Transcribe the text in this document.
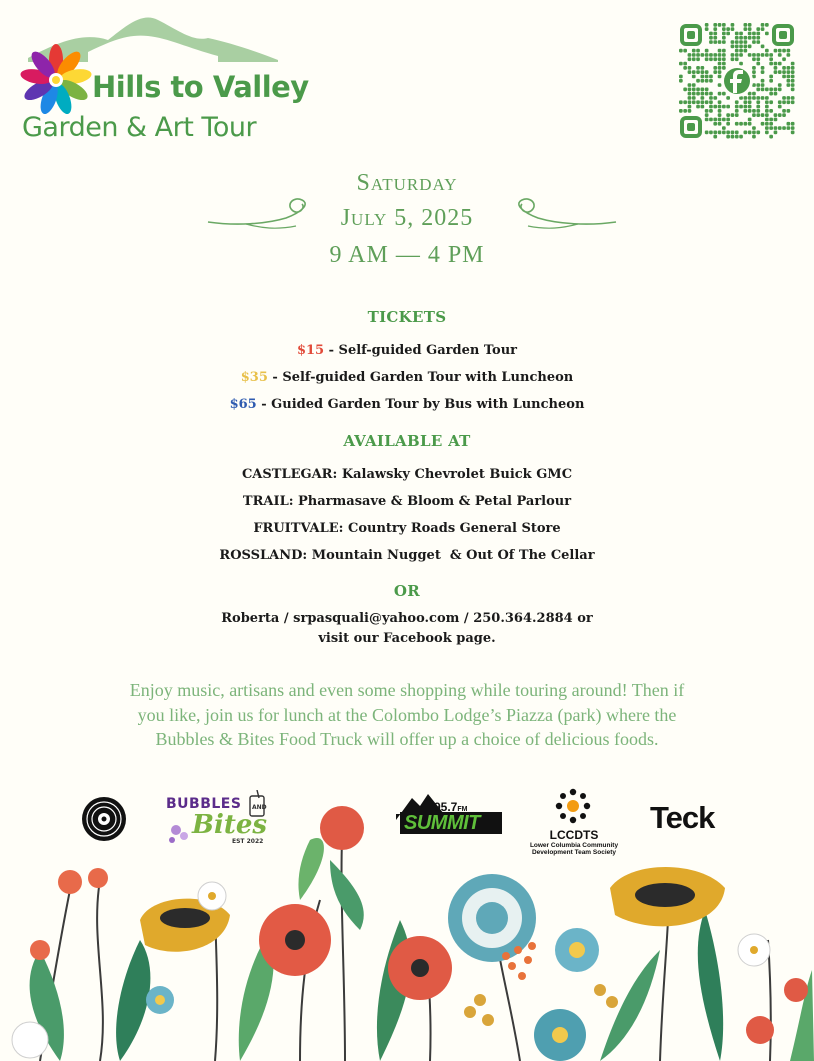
Hills to Valley
Garden & Art Tour
Saturday
July 5, 2025
9 AM — 4 PM
TICKETS
$15 - Self-guided Garden Tour
$35 - Self-guided Garden Tour with Luncheon
$65 - Guided Garden Tour by Bus with Luncheon
AVAILABLE AT
CASTLEGAR: Kalawsky Chevrolet Buick GMC
TRAIL: Pharmasave & Bloom & Petal Parlour
FRUITVALE: Country Roads General Store
ROSSLAND: Mountain Nugget  & Out Of The Cellar
OR
Roberta / srpasquali@yahoo.com / 250.364.2884 or
visit our Facebook page.
Enjoy music, artisans and even some shopping while touring around! Then if
you like, join us for lunch at the Colombo Lodge’s Piazza (park) where the
Bubbles & Bites Food Truck will offer up a choice of delicious foods.
BUBBLES AND
Bites
EST 2022
95.7FM
SUMMIT
LCCDTS
Lower Columbia Community
Development Team Society
Teck
